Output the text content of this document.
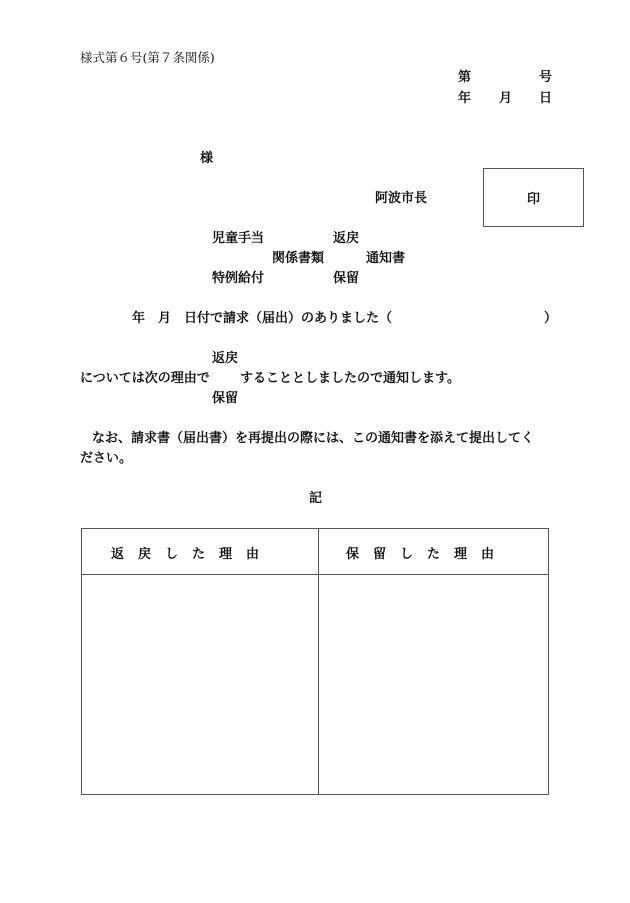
様式第６号(第７条関係)
第	号
年 月 日
様
阿波市長	印
児童手当	返戻
関係書類	通知書
特例給付	保留
年　月　日付で請求（届出）のありました（	）
返戻
については次の理由で することとしましたので通知します。
保留
なお、請求書（届出書）を再提出の際には、この通知書を添えて提出してく
ださい。
記
返戻した理由	保留した理由
